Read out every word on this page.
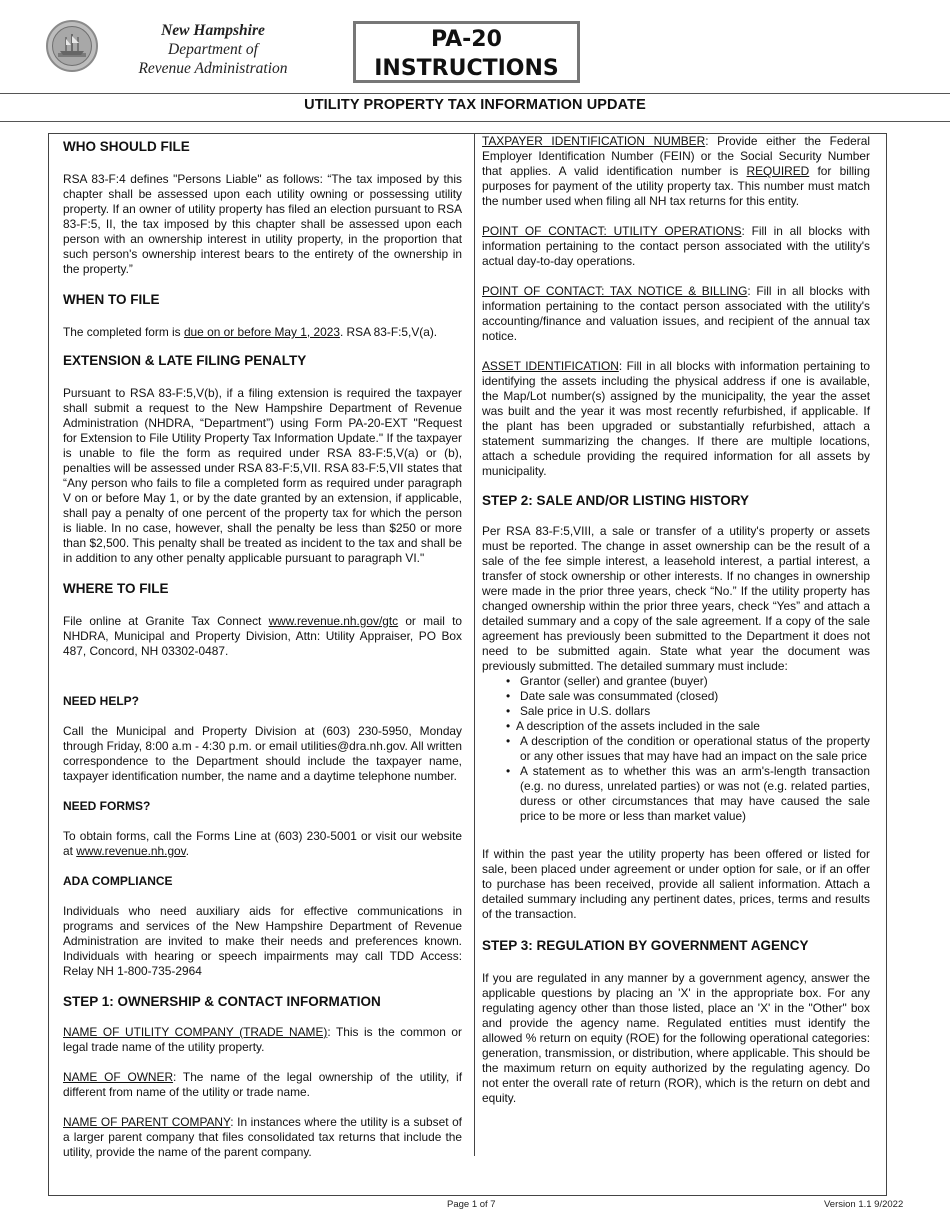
New Hampshire
Department of
Revenue Administration
PA-20
INSTRUCTIONS
UTILITY PROPERTY TAX INFORMATION UPDATE
WHO SHOULD FILE

RSA 83-F:4 defines "Persons Liable" as follows: “The tax imposed by this chapter shall be assessed upon each utility owning or possessing utility property. If an owner of utility property has filed an election pursuant to RSA 83-F:5, II, the tax imposed by this chapter shall be assessed upon each person with an ownership interest in utility property, in the proportion that such person's ownership interest bears to the entirety of the ownership in the property.”

WHEN TO FILE

The completed form is due on or before May 1, 2023. RSA 83-F:5,V(a).

EXTENSION & LATE FILING PENALTY

Pursuant to RSA 83-F:5,V(b), if a filing extension is required the taxpayer shall submit a request to the New Hampshire Department of Revenue Administration (NHDRA, “Department”) using Form PA-20-EXT "Request for Extension to File Utility Property Tax Information Update." If the taxpayer is unable to file the form as required under RSA 83-F:5,V(a) or (b), penalties will be assessed under RSA 83-F:5,VII. RSA 83-F:5,VII states that “Any person who fails to file a completed form as required under paragraph V on or before May 1, or by the date granted by an extension, if applicable, shall pay a penalty of one percent of the property tax for which the person is liable. In no case, however, shall the penalty be less than $250 or more than $2,500. This penalty shall be treated as incident to the tax and shall be in addition to any other penalty applicable pursuant to paragraph VI."

WHERE TO FILE

File online at Granite Tax Connect www.revenue.nh.gov/gtc or mail to NHDRA, Municipal and Property Division, Attn: Utility Appraiser, PO Box 487, Concord, NH 03302-0487.

NEED HELP?

Call the Municipal and Property Division at (603) 230-5950, Monday through Friday, 8:00 a.m - 4:30 p.m. or email utilities@dra.nh.gov. All written correspondence to the Department should include the taxpayer name, taxpayer identification number, the name and a daytime telephone number.

NEED FORMS?

To obtain forms, call the Forms Line at (603) 230-5001 or visit our website at www.revenue.nh.gov.

ADA COMPLIANCE

Individuals who need auxiliary aids for effective communications in programs and services of the New Hampshire Department of Revenue Administration are invited to make their needs and preferences known. Individuals with hearing or speech impairments may call TDD Access: Relay NH 1-800-735-2964

STEP 1: OWNERSHIP & CONTACT INFORMATION

NAME OF UTILITY COMPANY (TRADE NAME): This is the common or legal trade name of the utility property.

NAME OF OWNER: The name of the legal ownership of the utility, if different from name of the utility or trade name.

NAME OF PARENT COMPANY: In instances where the utility is a subset of a larger parent company that files consolidated tax returns that include the utility, provide the name of the parent company.

TAXPAYER IDENTIFICATION NUMBER: Provide either the Federal Employer Identification Number (FEIN) or the Social Security Number that applies. A valid identification number is REQUIRED for billing purposes for payment of the utility property tax. This number must match the number used when filing all NH tax returns for this entity.

POINT OF CONTACT: UTILITY OPERATIONS: Fill in all blocks with information pertaining to the contact person associated with the utility's actual day-to-day operations.

POINT OF CONTACT: TAX NOTICE & BILLING: Fill in all blocks with information pertaining to the contact person associated with the utility's accounting/finance and valuation issues, and recipient of the annual tax notice.

ASSET IDENTIFICATION: Fill in all blocks with information pertaining to identifying the assets including the physical address if one is available, the Map/Lot number(s) assigned by the municipality, the year the asset was built and the year it was most recently refurbished, if applicable. If the plant has been upgraded or substantially refurbished, attach a statement summarizing the changes. If there are multiple locations, attach a schedule providing the required information for all assets by municipality.

STEP 2: SALE AND/OR LISTING HISTORY

Per RSA 83-F:5,VIII, a sale or transfer of a utility's property or assets must be reported. The change in asset ownership can be the result of a sale of the fee simple interest, a leasehold interest, a partial interest, a transfer of stock ownership or other interests. If no changes in ownership were made in the prior three years, check “No.” If the utility property has changed ownership within the prior three years, check “Yes” and attach a detailed summary and a copy of the sale agreement. If a copy of the sale agreement has previously been submitted to the Department it does not need to be submitted again. State what year the document was previously submitted. The detailed summary must include:

• Grantor (seller) and grantee (buyer)
• Date sale was consummated (closed)
• Sale price in U.S. dollars
• A description of the assets included in the sale
• A description of the condition or operational status of the property or any other issues that may have had an impact on the sale price
• A statement as to whether this was an arm's-length transaction (e.g. no duress, unrelated parties) or was not (e.g. related parties, duress or other circumstances that may have caused the sale price to be more or less than market value)

If within the past year the utility property has been offered or listed for sale, been placed under agreement or under option for sale, or if an offer to purchase has been received, provide all salient information. Attach a detailed summary including any pertinent dates, prices, terms and results of the transaction.

STEP 3: REGULATION BY GOVERNMENT AGENCY

If you are regulated in any manner by a government agency, answer the applicable questions by placing an 'X' in the appropriate box. For any regulating agency other than those listed, place an 'X' in the "Other" box and provide the agency name. Regulated entities must identify the allowed % return on equity (ROE) for the following operational categories: generation, transmission, or distribution, where applicable. This should be the maximum return on equity authorized by the regulating agency. Do not enter the overall rate of return (ROR), which is the return on debt and equity.

Page 1 of 7	Version 1.1 9/2022
